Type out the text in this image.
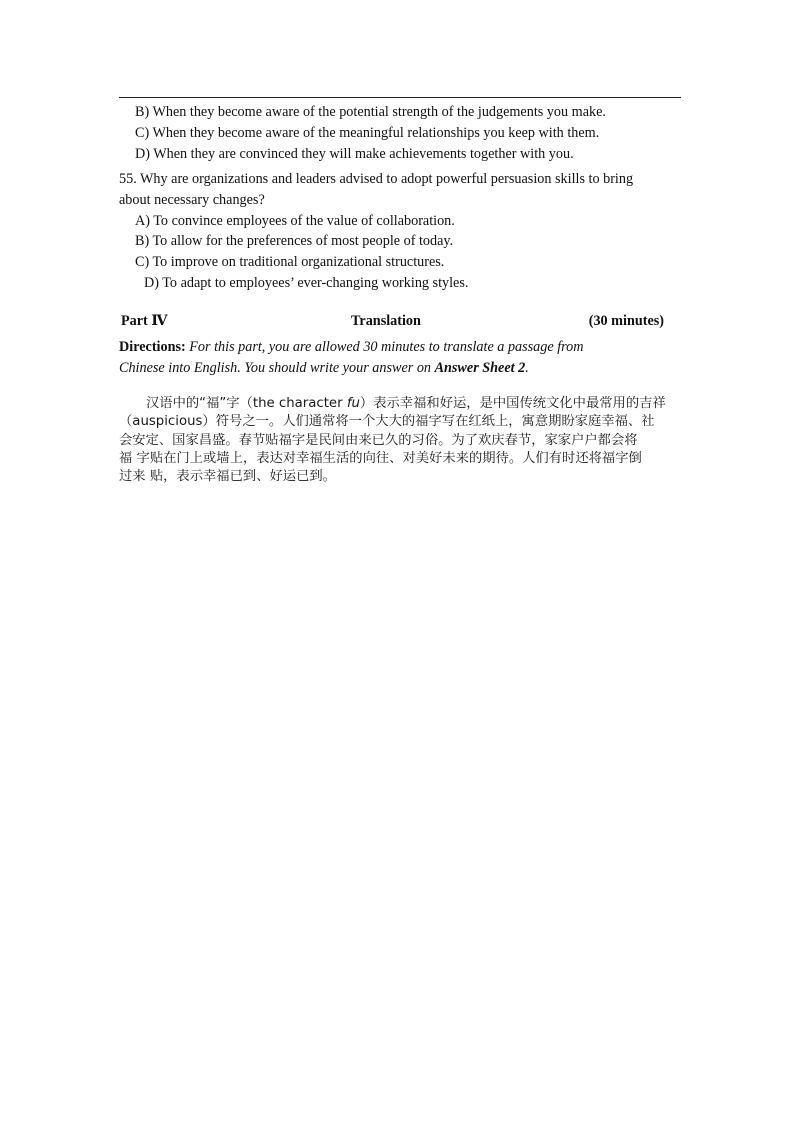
B) When they become aware of the potential strength of the judgements you make.
C) When they become aware of the meaningful relationships you keep with them.
D) When they are convinced they will make achievements together with you.
55. Why are organizations and leaders advised to adopt powerful persuasion skills to bring
about necessary changes?
A) To convince employees of the value of collaboration.
B) To allow for the preferences of most people of today.
C) To improve on traditional organizational structures.
D) To adapt to employees’ ever-changing working styles.
Part Ⅳ	Translation	(30 minutes)
Directions: For this part, you are allowed 30 minutes to translate a passage from
Chinese into English. You should write your answer on Answer Sheet 2.
汉语中的“福”字（the character fu）表示幸福和好运，是中国传统文化中最常用的吉祥
（auspicious）符号之一。人们通常将一个大大的福字写在红纸上，寓意期盼家庭幸福、社
会安定、国家昌盛。春节贴福字是民间由来已久的习俗。为了欢庆春节，家家户户都会将
福 字贴在门上或墙上，表达对幸福生活的向往、对美好未来的期待。人们有时还将福字倒
过来 贴，表示幸福已到、好运已到。
